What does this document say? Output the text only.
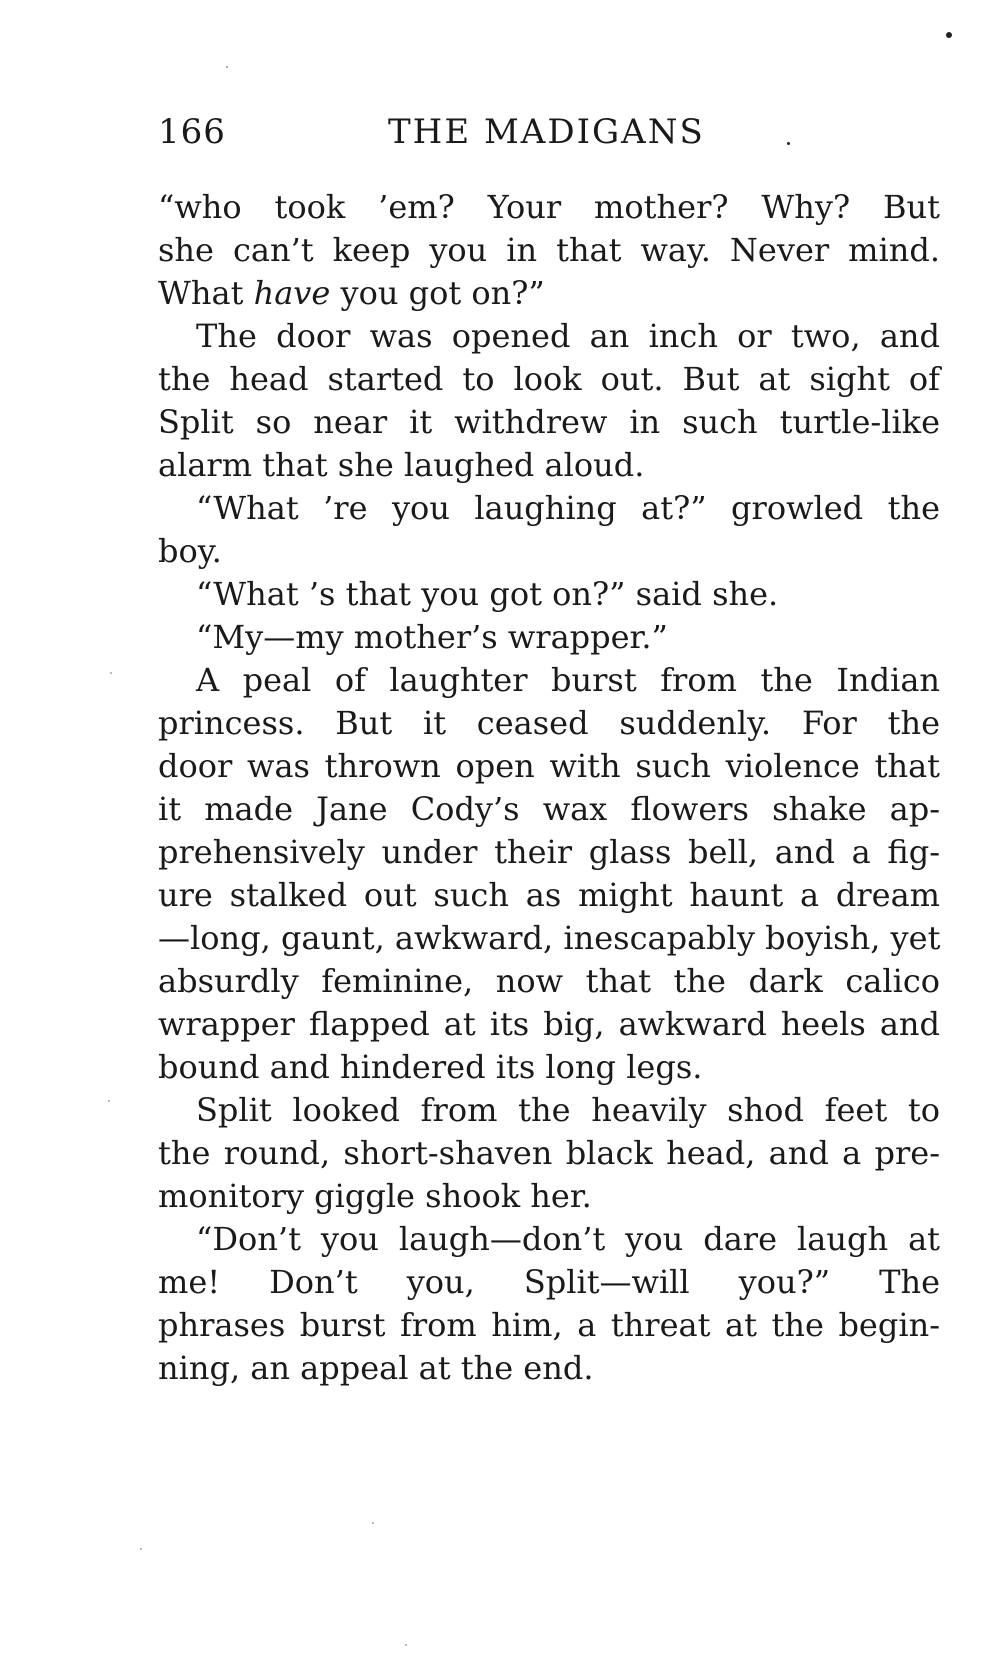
166	THE MADIGANS
“who took ’em? Your mother? Why? But
she can’t keep you in that way. Never mind.
What have you got on?”
The door was opened an inch or two, and
the head started to look out. But at sight of
Split so near it withdrew in such turtle-like
alarm that she laughed aloud.
“What ’re you laughing at?” growled the
boy.
“What ’s that you got on?” said she.
“My—my mother’s wrapper.”
A peal of laughter burst from the Indian
princess. But it ceased suddenly. For the
door was thrown open with such violence that
it made Jane Cody’s wax flowers shake ap-
prehensively under their glass bell, and a fig-
ure stalked out such as might haunt a dream
—long, gaunt, awkward, inescapably boyish, yet
absurdly feminine, now that the dark calico
wrapper flapped at its big, awkward heels and
bound and hindered its long legs.
Split looked from the heavily shod feet to
the round, short-shaven black head, and a pre-
monitory giggle shook her.
“Don’t you laugh—don’t you dare laugh at
me! Don’t you, Split—will you?” The
phrases burst from him, a threat at the begin-
ning, an appeal at the end.
